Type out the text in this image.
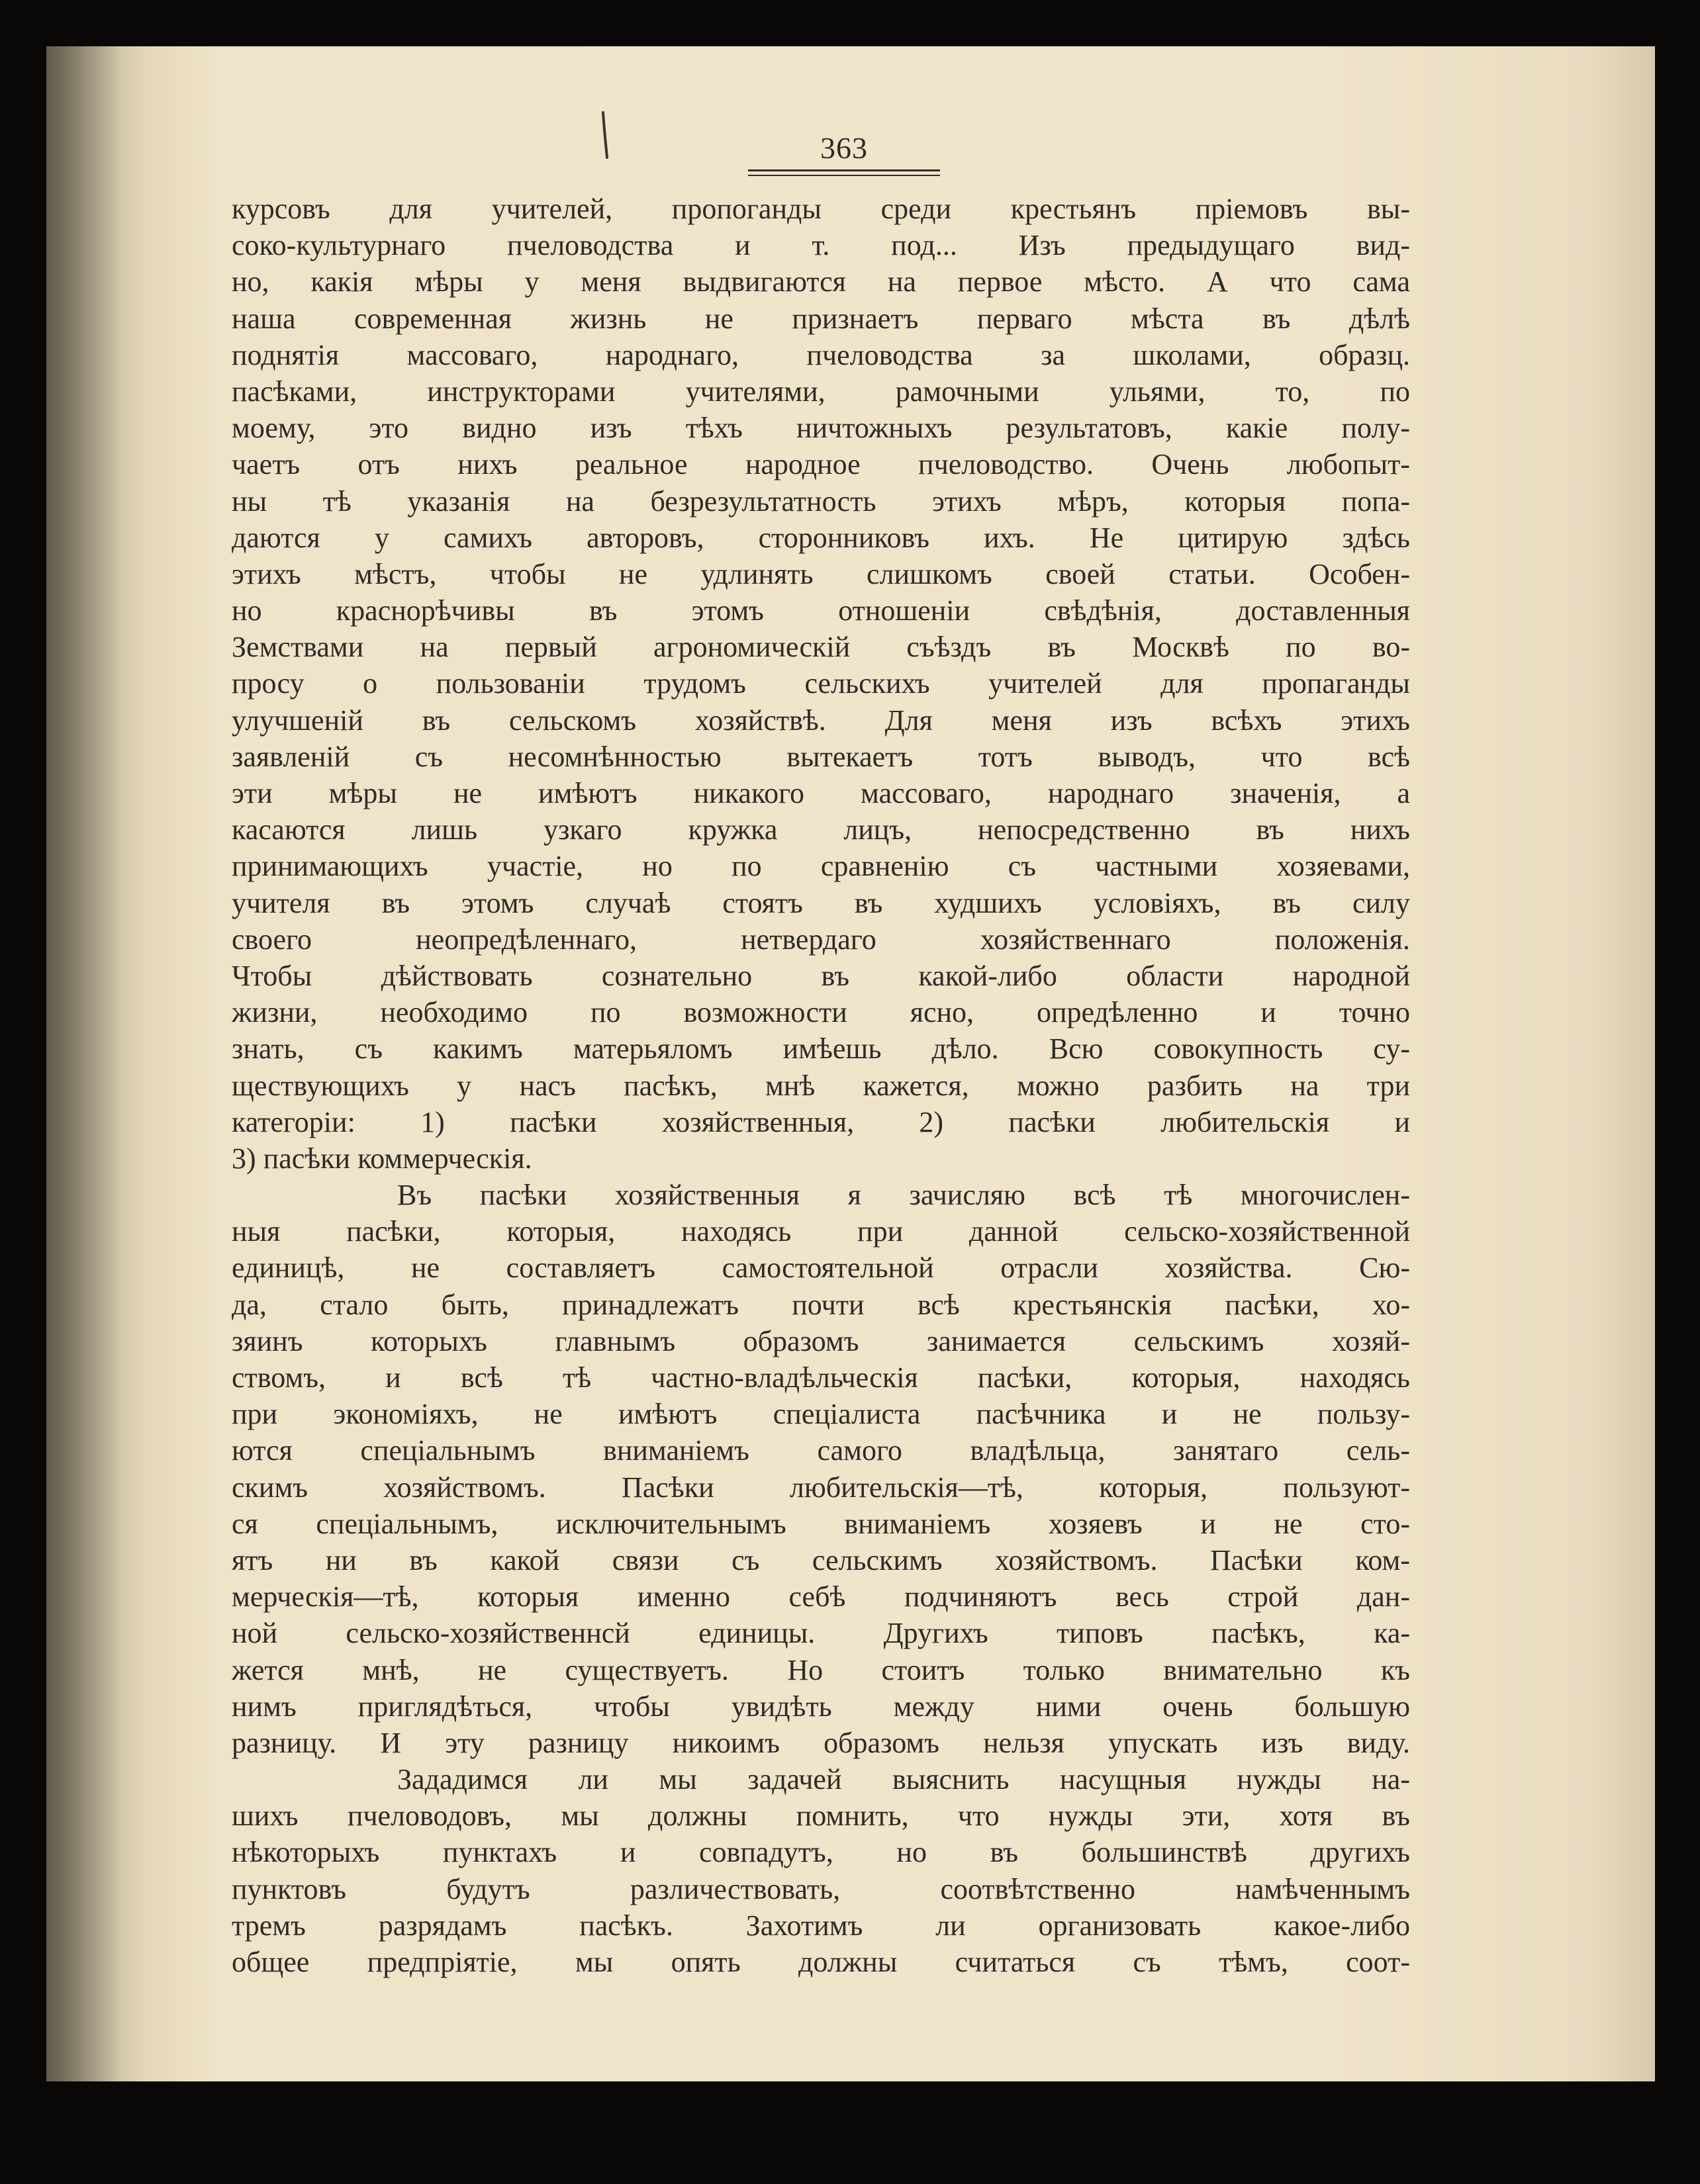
363
курсовъ для учителей, пропоганды среди крестьянъ пріемовъ вы-
соко-культурнаго пчеловодства и т. под... Изъ предыдущаго вид-
но, какія мѣры у меня выдвигаются на первое мѣсто. А что сама
наша современная жизнь не признаетъ перваго мѣста въ дѣлѣ
поднятія массоваго, народнаго, пчеловодства за школами, образц.
пасѣками, инструкторами учителями, рамочными ульями, то, по
моему, это видно изъ тѣхъ ничтожныхъ результатовъ, какіе полу-
чаетъ отъ нихъ реальное народное пчеловодство. Очень любопыт-
ны тѣ указанія на безрезультатность этихъ мѣръ, которыя попа-
даются у самихъ авторовъ, сторонниковъ ихъ. Не цитирую здѣсь
этихъ мѣстъ, чтобы не удлинять слишкомъ своей статьи. Особен-
но краснорѣчивы въ этомъ отношеніи свѣдѣнія, доставленныя
Земствами на первый агрономическій съѣздъ въ Москвѣ по во-
просу о пользованіи трудомъ сельскихъ учителей для пропаганды
улучшеній въ сельскомъ хозяйствѣ. Для меня изъ всѣхъ этихъ
заявленій съ несомнѣнностью вытекаетъ тотъ выводъ, что всѣ
эти мѣры не имѣютъ никакого массоваго, народнаго значенія, а
касаются лишь узкаго кружка лицъ, непосредственно въ нихъ
принимающихъ участіе, но по сравненію съ частными хозяевами,
учителя въ этомъ случаѣ стоятъ въ худшихъ условіяхъ, въ силу
своего неопредѣленнаго, нетвердаго хозяйственнаго положенія.
Чтобы дѣйствовать сознательно въ какой-либо области народной
жизни, необходимо по возможности ясно, опредѣленно и точно
знать, съ какимъ матерьяломъ имѣешь дѣло. Всю совокупность су-
ществующихъ у насъ пасѣкъ, мнѣ кажется, можно разбить на три
категоріи: 1) пасѣки хозяйственныя, 2) пасѣки любительскія и
3) пасѣки коммерческія.
Въ пасѣки хозяйственныя я зачисляю всѣ тѣ многочислен-
ныя пасѣки, которыя, находясь при данной сельско-хозяйственной
единицѣ, не составляетъ самостоятельной отрасли хозяйства. Сю-
да, стало быть, принадлежатъ почти всѣ крестьянскія пасѣки, хо-
зяинъ которыхъ главнымъ образомъ занимается сельскимъ хозяй-
ствомъ, и всѣ тѣ частно-владѣльческія пасѣки, которыя, находясь
при экономіяхъ, не имѣютъ спеціалиста пасѣчника и не пользу-
ются спеціальнымъ вниманіемъ самого владѣльца, занятаго сель-
скимъ хозяйствомъ. Пасѣки любительскія—тѣ, которыя, пользуют-
ся спеціальнымъ, исключительнымъ вниманіемъ хозяевъ и не сто-
ятъ ни въ какой связи съ сельскимъ хозяйствомъ. Пасѣки ком-
мерческія—тѣ, которыя именно себѣ подчиняютъ весь строй дан-
ной сельско-хозяйственнсй единицы. Другихъ типовъ пасѣкъ, ка-
жется мнѣ, не существуетъ. Но стоитъ только внимательно къ
нимъ приглядѣться, чтобы увидѣть между ними очень большую
разницу. И эту разницу никоимъ образомъ нельзя упускать изъ виду.
Зададимся ли мы задачей выяснить насущныя нужды на-
шихъ пчеловодовъ, мы должны помнить, что нужды эти, хотя въ
нѣкоторыхъ пунктахъ и совпадутъ, но въ большинствѣ другихъ
пунктовъ будутъ различествовать, соотвѣтственно намѣченнымъ
тремъ разрядамъ пасѣкъ. Захотимъ ли организовать какое-либо
общее предпріятіе, мы опять должны считаться съ тѣмъ, соот-
